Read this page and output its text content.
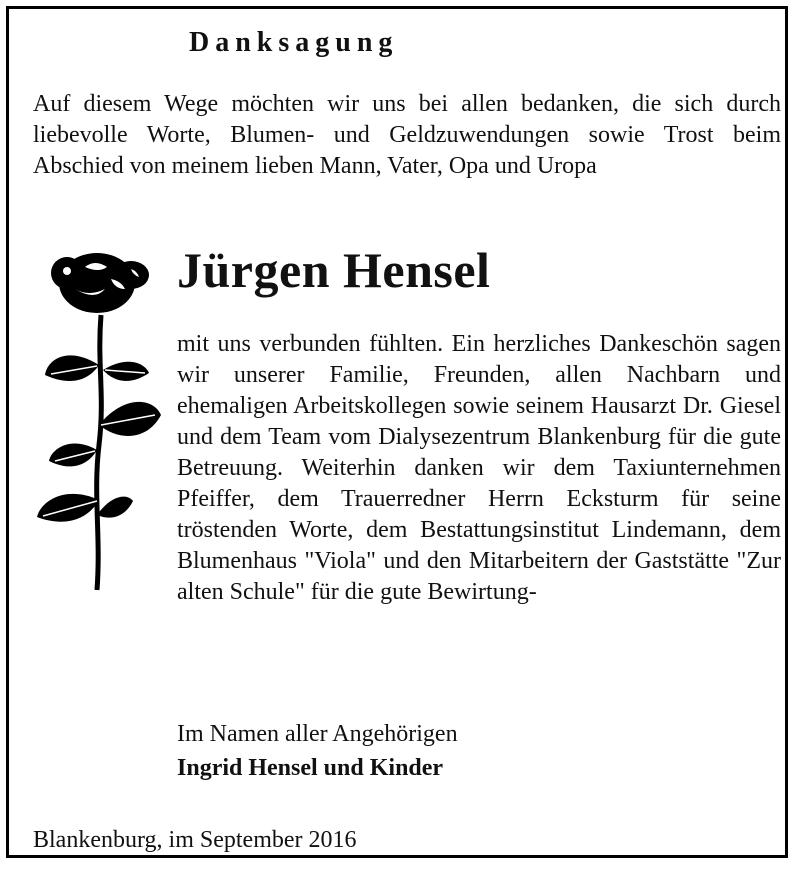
Danksagung
Auf diesem Wege möchten wir uns bei allen bedanken, die sich durch liebevolle Worte, Blumen- und Geldzuwendungen sowie Trost beim Abschied von meinem lieben Mann, Vater, Opa und Uropa
Jürgen Hensel
mit uns verbunden fühlten. Ein herzliches Dankeschön sagen wir unserer Familie, Freunden, allen Nachbarn und ehemaligen Arbeitskollegen sowie seinem Hausarzt Dr. Giesel und dem Team vom Dialysezentrum Blankenburg für die gute Betreuung. Weiterhin danken wir dem Taxiunternehmen Pfeiffer, dem Trauerredner Herrn Ecksturm für seine tröstenden Worte, dem Bestattungsinstitut Lindemann, dem Blumenhaus "Viola" und den Mitarbeitern der Gaststätte "Zur alten Schule" für die gute Bewirtung-
Im Namen aller Angehörigen
Ingrid Hensel und Kinder
Blankenburg, im September 2016
